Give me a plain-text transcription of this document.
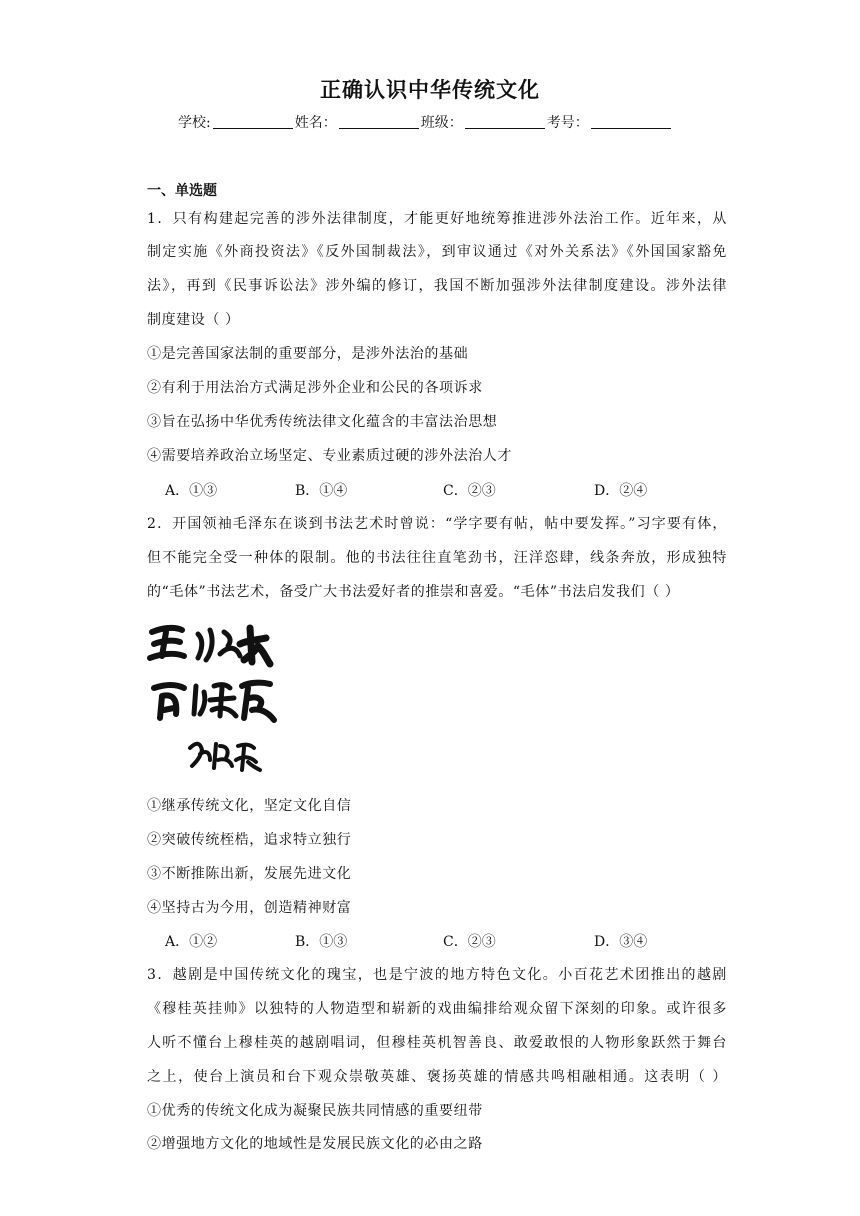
正确认识中华传统文化
学校:	姓名：	班级：	考号：
一、单选题
1．只有构建起完善的涉外法律制度，才能更好地统筹推进涉外法治工作。近年来，从
制定实施《外商投资法》《反外国制裁法》，到审议通过《对外关系法》《外国国家豁免
法》，再到《民事诉讼法》涉外编的修订，我国不断加强涉外法律制度建设。涉外法律
制度建设（ ）
①是完善国家法制的重要部分，是涉外法治的基础
②有利于用法治方式满足涉外企业和公民的各项诉求
③旨在弘扬中华优秀传统法律文化蕴含的丰富法治思想
④需要培养政治立场坚定、专业素质过硬的涉外法治人才
A．①③	B．①④	C．②③	D．②④
2．开国领袖毛泽东在谈到书法艺术时曾说：“学字要有帖，帖中要发挥。”习字要有体，
但不能完全受一种体的限制。他的书法往往直笔劲书，汪洋恣肆，线条奔放，形成独特
的“毛体”书法艺术，备受广大书法爱好者的推崇和喜爱。“毛体”书法启发我们（ ）
①继承传统文化，坚定文化自信
②突破传统桎梏，追求特立独行
③不断推陈出新，发展先进文化
④坚持古为今用，创造精神财富
A．①②	B．①③	C．②③	D．③④
3．越剧是中国传统文化的瑰宝，也是宁波的地方特色文化。小百花艺术团推出的越剧
《穆桂英挂帅》以独特的人物造型和崭新的戏曲编排给观众留下深刻的印象。或许很多
人听不懂台上穆桂英的越剧唱词，但穆桂英机智善良、敢爱敢恨的人物形象跃然于舞台
之上，使台上演员和台下观众崇敬英雄、褒扬英雄的情感共鸣相融相通。这表明（ ）
①优秀的传统文化成为凝聚民族共同情感的重要纽带
②增强地方文化的地域性是发展民族文化的必由之路
